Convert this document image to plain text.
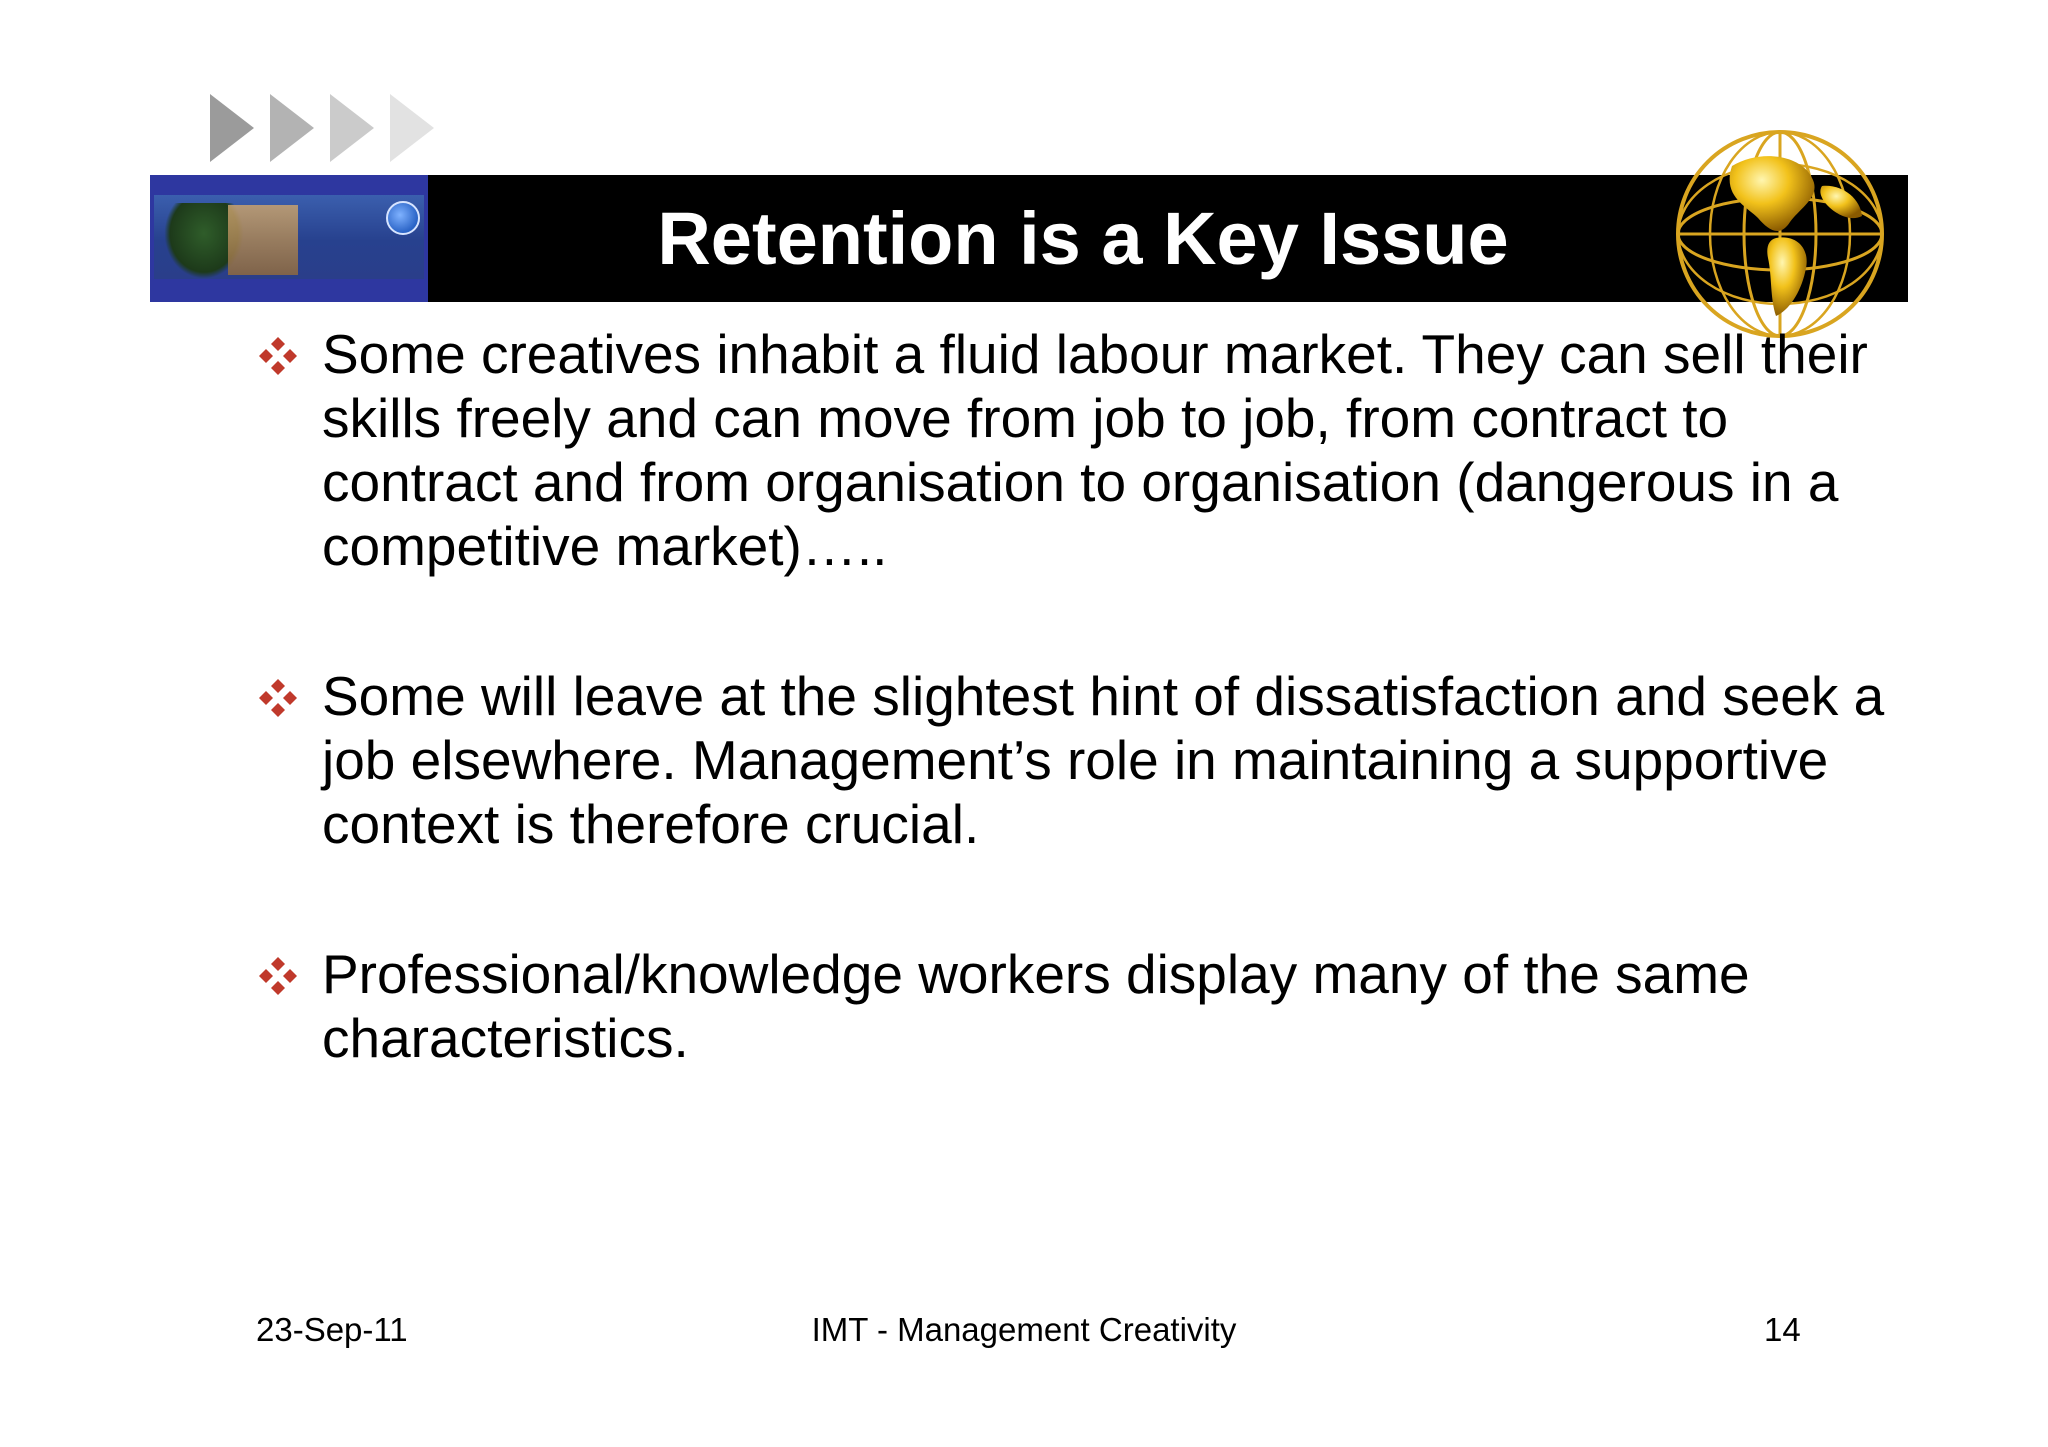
Retention is a Key Issue
Some creatives inhabit a fluid labour market. They can sell their skills freely and can move from job to job, from contract to contract and from organisation to organisation (dangerous in a competitive market)…..
Some will leave at the slightest hint of dissatisfaction and seek a job elsewhere. Management’s role in maintaining a supportive context is therefore crucial.
Professional/knowledge workers display many of the same characteristics.
23-Sep-11	IMT - Management Creativity	14
